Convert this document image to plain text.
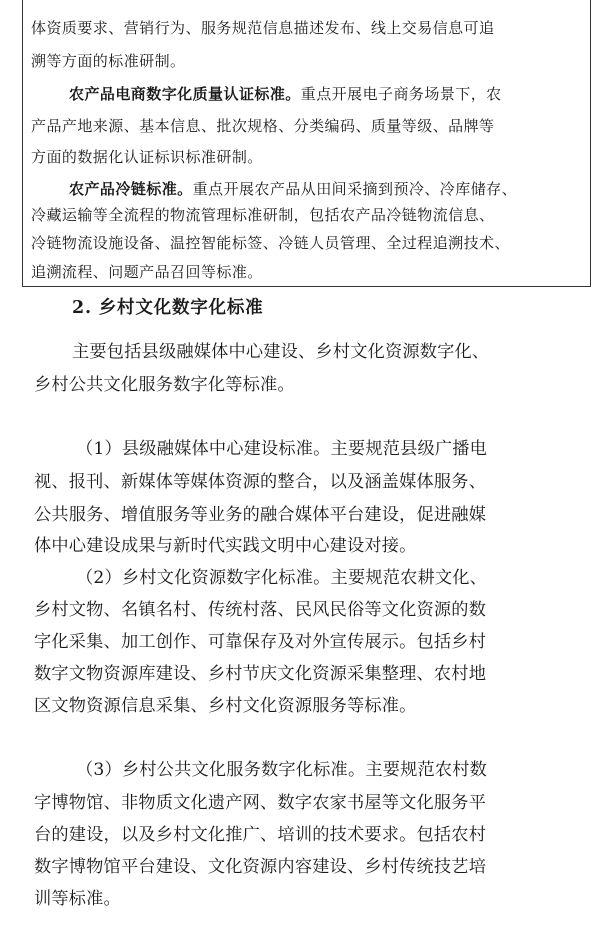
体资质要求、营销行为、服务规范信息描述发布、线上交易信息可追
溯等方面的标准研制。
农产品电商数字化质量认证标准。重点开展电子商务场景下，农
产品产地来源、基本信息、批次规格、分类编码、质量等级、品牌等
方面的数据化认证标识标准研制。
农产品冷链标准。重点开展农产品从田间采摘到预冷、冷库储存、
冷藏运输等全流程的物流管理标准研制，包括农产品冷链物流信息、
冷链物流设施设备、温控智能标签、冷链人员管理、全过程追溯技术、
追溯流程、问题产品召回等标准。
2. 乡村文化数字化标准
主要包括县级融媒体中心建设、乡村文化资源数字化、
乡村公共文化服务数字化等标准。
（1）县级融媒体中心建设标准。主要规范县级广播电
视、报刊、新媒体等媒体资源的整合，以及涵盖媒体服务、
公共服务、增值服务等业务的融合媒体平台建设，促进融媒
体中心建设成果与新时代实践文明中心建设对接。
（2）乡村文化资源数字化标准。主要规范农耕文化、
乡村文物、名镇名村、传统村落、民风民俗等文化资源的数
字化采集、加工创作、可靠保存及对外宣传展示。包括乡村
数字文物资源库建设、乡村节庆文化资源采集整理、农村地
区文物资源信息采集、乡村文化资源服务等标准。
（3）乡村公共文化服务数字化标准。主要规范农村数
字博物馆、非物质文化遗产网、数字农家书屋等文化服务平
台的建设，以及乡村文化推广、培训的技术要求。包括农村
数字博物馆平台建设、文化资源内容建设、乡村传统技艺培
训等标准。
